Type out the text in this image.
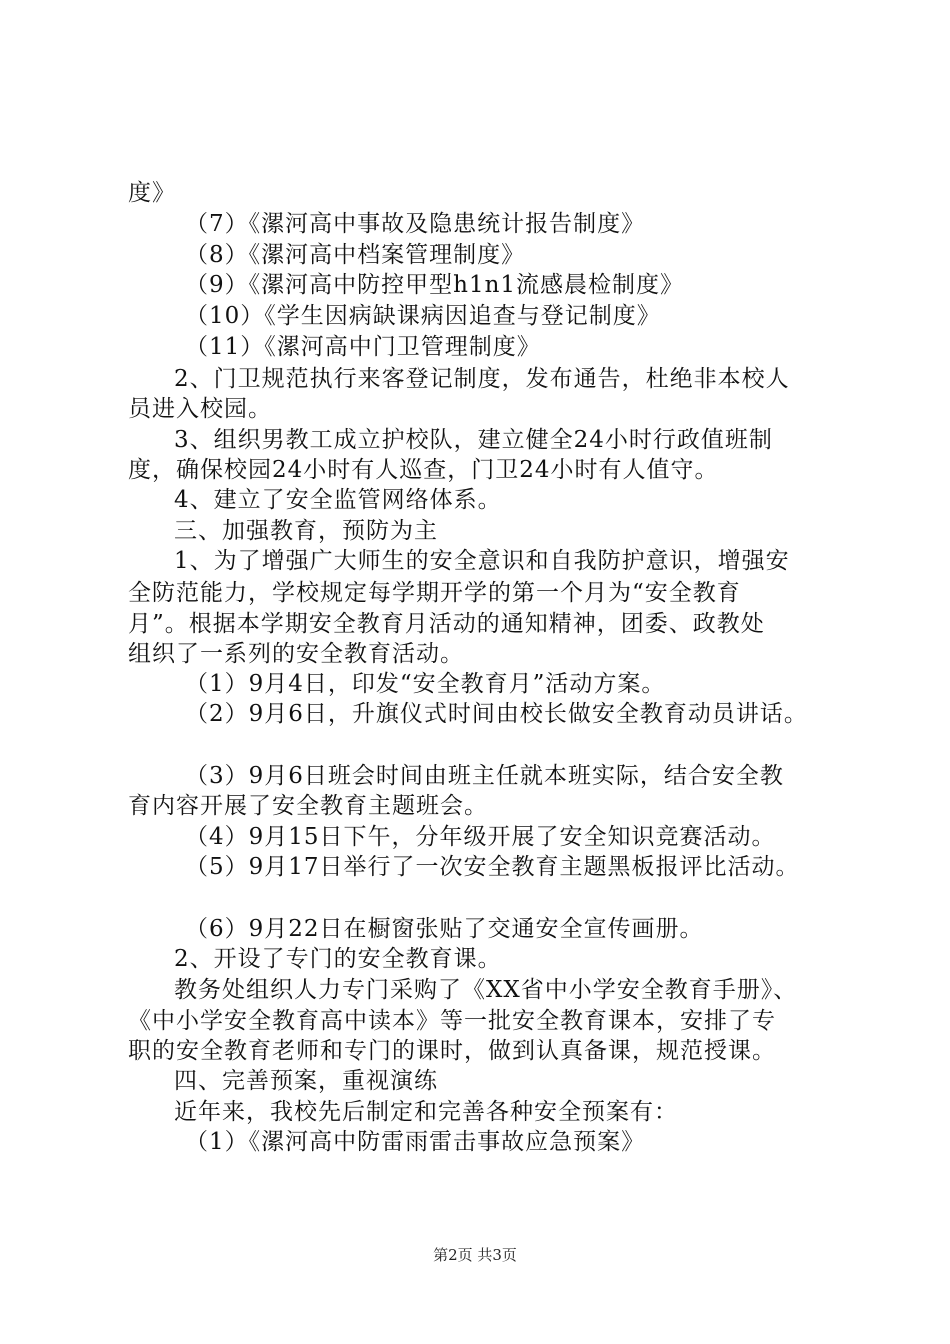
度》
（7）《漯河高中事故及隐患统计报告制度》
（8）《漯河高中档案管理制度》
（9）《漯河高中防控甲型h1n1流感晨检制度》
（10）《学生因病缺课病因追查与登记制度》
（11）《漯河高中门卫管理制度》
2、门卫规范执行来客登记制度，发布通告，杜绝非本校人
员进入校园。
3、组织男教工成立护校队，建立健全24小时行政值班制
度，确保校园24小时有人巡查，门卫24小时有人值守。
4、建立了安全监管网络体系。
三、加强教育，预防为主
1、为了增强广大师生的安全意识和自我防护意识，增强安
全防范能力，学校规定每学期开学的第一个月为“安全教育
月”。根据本学期安全教育月活动的通知精神，团委、政教处
组织了一系列的安全教育活动。
（1）9月4日，印发“安全教育月”活动方案。
（2）9月6日，升旗仪式时间由校长做安全教育动员讲话。
（3）9月6日班会时间由班主任就本班实际，结合安全教
育内容开展了安全教育主题班会。
（4）9月15日下午，分年级开展了安全知识竞赛活动。
（5）9月17日举行了一次安全教育主题黑板报评比活动。
（6）9月22日在橱窗张贴了交通安全宣传画册。
2、开设了专门的安全教育课。
教务处组织人力专门采购了《XX省中小学安全教育手册》、
《中小学安全教育高中读本》等一批安全教育课本，安排了专
职的安全教育老师和专门的课时，做到认真备课，规范授课。
四、完善预案，重视演练
近年来，我校先后制定和完善各种安全预案有：
（1）《漯河高中防雷雨雷击事故应急预案》
第2页 共3页
